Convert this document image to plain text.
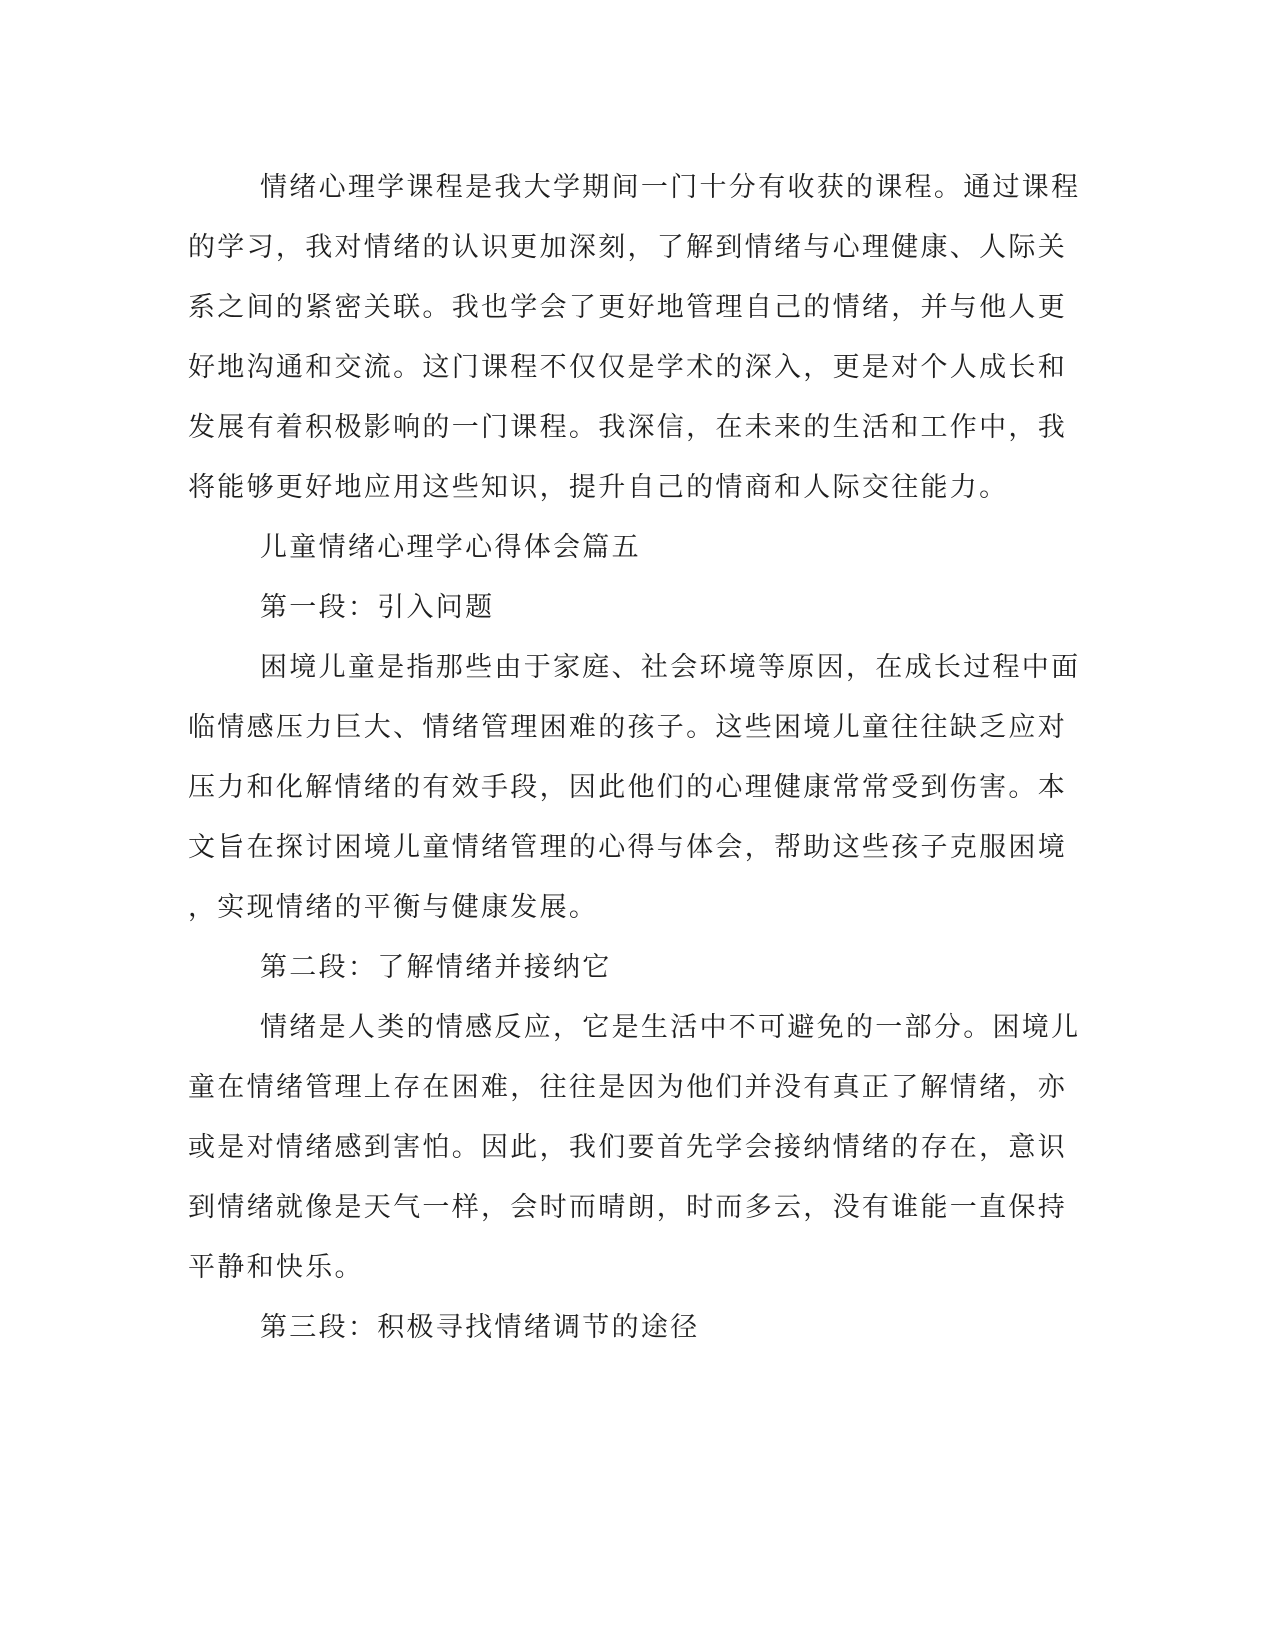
情绪心理学课程是我大学期间一门十分有收获的课程。通过课程
的学习，我对情绪的认识更加深刻，了解到情绪与心理健康、人际关
系之间的紧密关联。我也学会了更好地管理自己的情绪，并与他人更
好地沟通和交流。这门课程不仅仅是学术的深入，更是对个人成长和
发展有着积极影响的一门课程。我深信，在未来的生活和工作中，我
将能够更好地应用这些知识，提升自己的情商和人际交往能力。
儿童情绪心理学心得体会篇五
第一段：引入问题
困境儿童是指那些由于家庭、社会环境等原因，在成长过程中面
临情感压力巨大、情绪管理困难的孩子。这些困境儿童往往缺乏应对
压力和化解情绪的有效手段，因此他们的心理健康常常受到伤害。本
文旨在探讨困境儿童情绪管理的心得与体会，帮助这些孩子克服困境
，实现情绪的平衡与健康发展。
第二段：了解情绪并接纳它
情绪是人类的情感反应，它是生活中不可避免的一部分。困境儿
童在情绪管理上存在困难，往往是因为他们并没有真正了解情绪，亦
或是对情绪感到害怕。因此，我们要首先学会接纳情绪的存在，意识
到情绪就像是天气一样，会时而晴朗，时而多云，没有谁能一直保持
平静和快乐。
第三段：积极寻找情绪调节的途径
